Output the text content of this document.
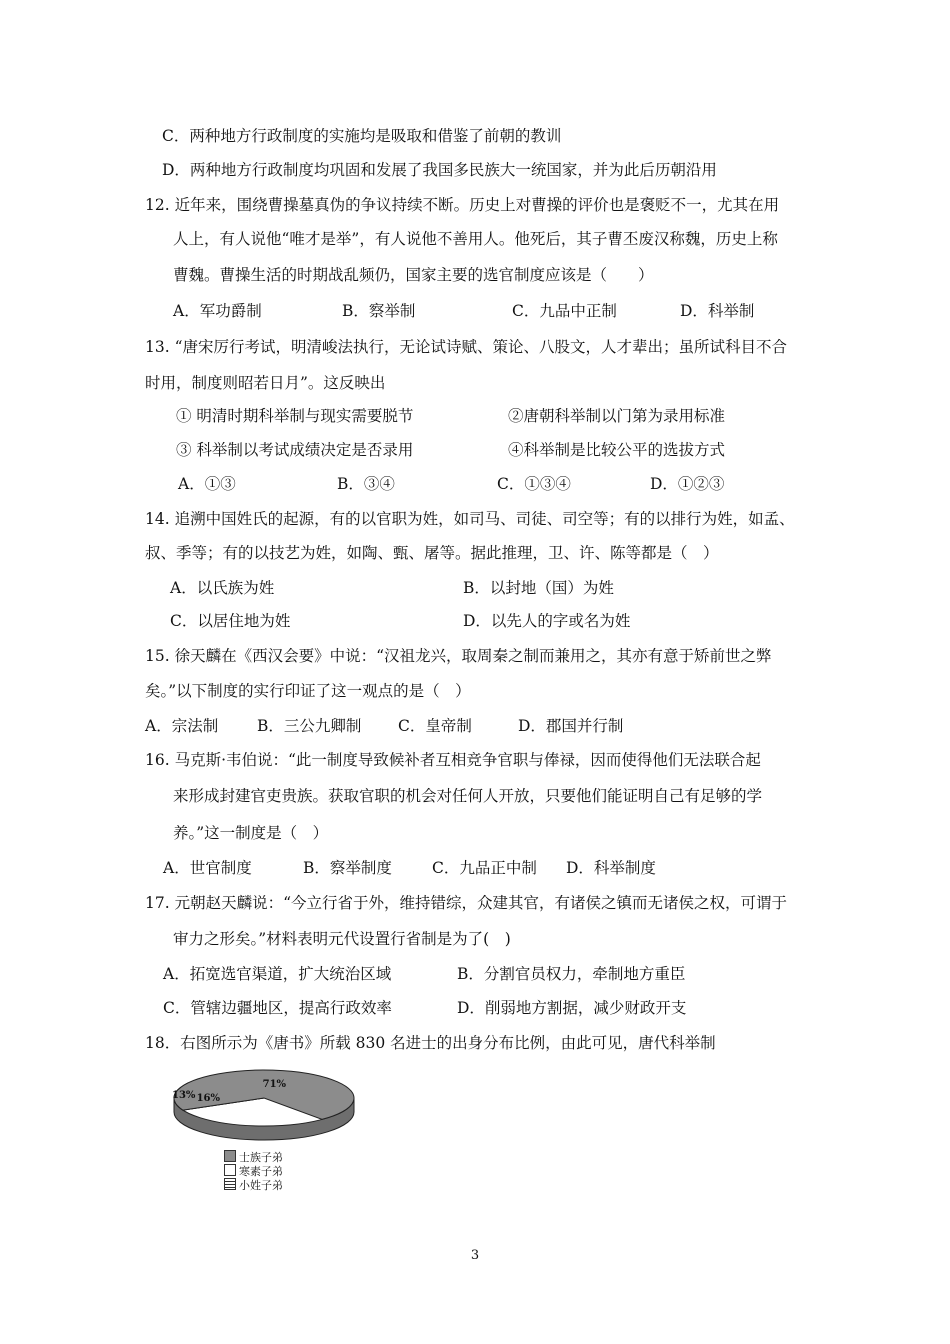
C．两种地方行政制度的实施均是吸取和借鉴了前朝的教训
D．两种地方行政制度均巩固和发展了我国多民族大一统国家，并为此后历朝沿用
12. 近年来，围绕曹操墓真伪的争议持续不断。历史上对曹操的评价也是褒贬不一，尤其在用
人上，有人说他“唯才是举”，有人说他不善用人。他死后，其子曹丕废汉称魏，历史上称
曹魏。曹操生活的时期战乱频仍，国家主要的选官制度应该是（　　）
A．军功爵制	B．察举制	C．九品中正制	D．科举制
13. “唐宋厉行考试，明清峻法执行，无论试诗赋、策论、八股文，人才辈出；虽所试科目不合
时用，制度则昭若日月”。这反映出
① 明清时期科举制与现实需要脱节	②唐朝科举制以门第为录用标准
③ 科举制以考试成绩决定是否录用	④科举制是比较公平的选拔方式
A．①③	B．③④	C．①③④	D．①②③
14. 追溯中国姓氏的起源，有的以官职为姓，如司马、司徒、司空等；有的以排行为姓，如孟、
叔、季等；有的以技艺为姓，如陶、甄、屠等。据此推理，卫、许、陈等都是（　）
A．以氏族为姓	B．以封地（国）为姓
C．以居住地为姓	D．以先人的字或名为姓
15. 徐天麟在《西汉会要》中说：“汉祖龙兴，取周秦之制而兼用之，其亦有意于矫前世之弊
矣。”以下制度的实行印证了这一观点的是（　）
A．宗法制	B．三公九卿制 C．皇帝制	D．郡国并行制
16. 马克斯·韦伯说：“此一制度导致候补者互相竞争官职与俸禄，因而使得他们无法联合起
来形成封建官吏贵族。获取官职的机会对任何人开放，只要他们能证明自己有足够的学
养。”这一制度是（　）
A．世官制度	B．察举制度	C．九品正中制 D．科举制度
17. 元朝赵天麟说：“今立行省于外，维持错综，众建其官，有诸侯之镇而无诸侯之权，可谓于
审力之形矣。”材料表明元代设置行省制是为了(　)
A．拓宽选官渠道，扩大统治区域	B．分割官员权力，牵制地方重臣
C．管辖边疆地区，提高行政效率	D．削弱地方割据，减少财政开支
18．右图所示为《唐书》所载 830 名进士的出身分布比例，由此可见，唐代科举制
13% 16%
71%
士族子弟
寒素子弟
小姓子弟
3
